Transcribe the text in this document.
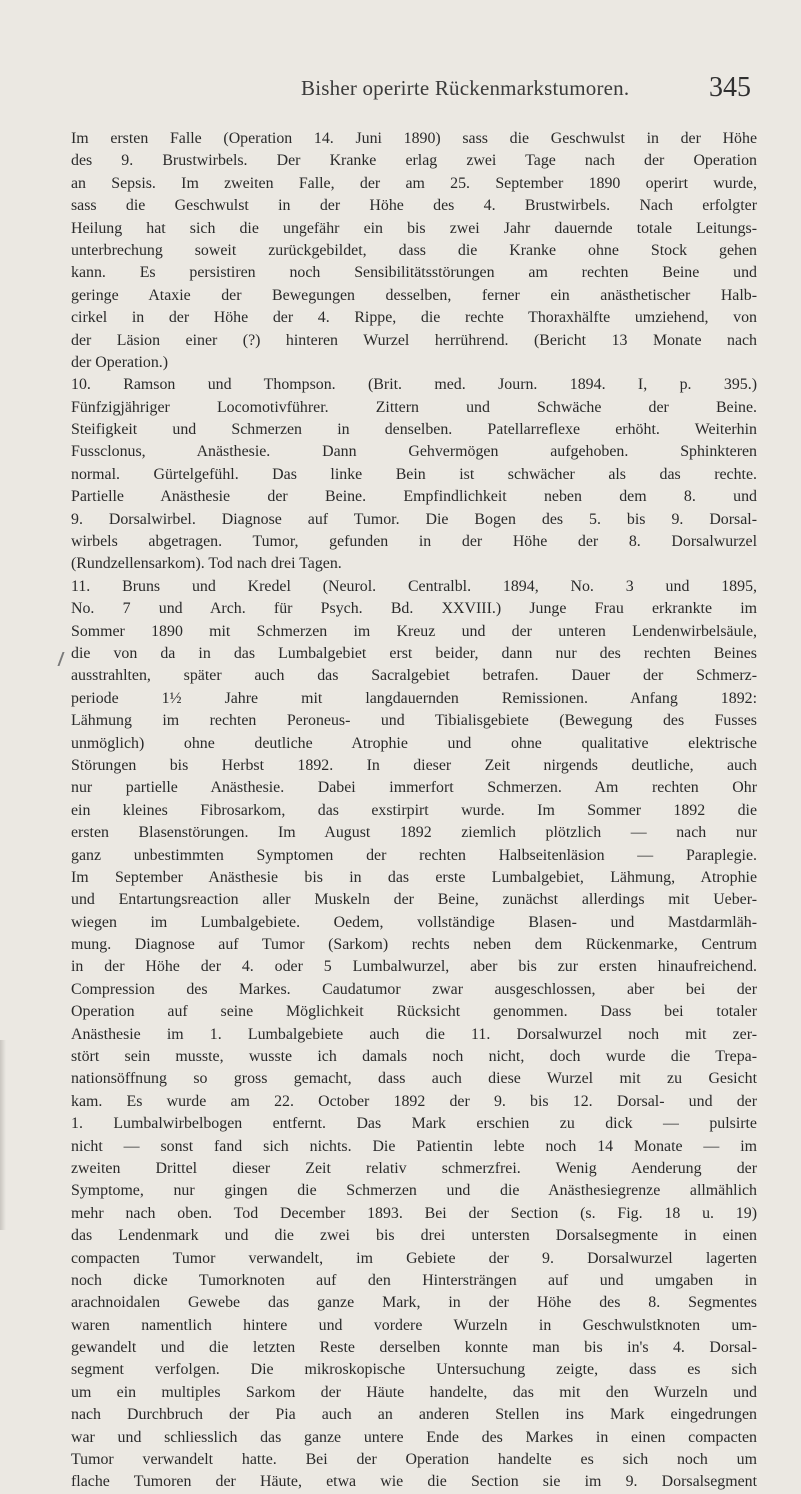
Bisher operirte Rückenmarkstumoren.	345
Im ersten Falle (Operation 14. Juni 1890) sass die Geschwulst in der Höhe
des 9. Brustwirbels. Der Kranke erlag zwei Tage nach der Operation
an Sepsis. Im zweiten Falle, der am 25. September 1890 operirt wurde,
sass die Geschwulst in der Höhe des 4. Brustwirbels. Nach erfolgter
Heilung hat sich die ungefähr ein bis zwei Jahr dauernde totale Leitungs-
unterbrechung soweit zurückgebildet, dass die Kranke ohne Stock gehen
kann. Es persistiren noch Sensibilitätsstörungen am rechten Beine und
geringe Ataxie der Bewegungen desselben, ferner ein anästhetischer Halb-
cirkel in der Höhe der 4. Rippe, die rechte Thoraxhälfte umziehend, von
der Läsion einer (?) hinteren Wurzel herrührend. (Bericht 13 Monate nach
der Operation.)
10. Ramson und Thompson. (Brit. med. Journ. 1894. I, p. 395.)
Fünfzigjähriger Locomotivführer. Zittern und Schwäche der Beine.
Steifigkeit und Schmerzen in denselben. Patellarreflexe erhöht. Weiterhin
Fussclonus, Anästhesie. Dann Gehvermögen aufgehoben. Sphinkteren
normal. Gürtelgefühl. Das linke Bein ist schwächer als das rechte.
Partielle Anästhesie der Beine. Empfindlichkeit neben dem 8. und
9. Dorsalwirbel. Diagnose auf Tumor. Die Bogen des 5. bis 9. Dorsal-
wirbels abgetragen. Tumor, gefunden in der Höhe der 8. Dorsalwurzel
(Rundzellensarkom). Tod nach drei Tagen.
11. Bruns und Kredel (Neurol. Centralbl. 1894, No. 3 und 1895,
No. 7 und Arch. für Psych. Bd. XXVIII.) Junge Frau erkrankte im
Sommer 1890 mit Schmerzen im Kreuz und der unteren Lendenwirbelsäule,
die von da in das Lumbalgebiet erst beider, dann nur des rechten Beines
ausstrahlten, später auch das Sacralgebiet betrafen. Dauer der Schmerz-
periode 1½ Jahre mit langdauernden Remissionen. Anfang 1892:
Lähmung im rechten Peroneus- und Tibialisgebiete (Bewegung des Fusses
unmöglich) ohne deutliche Atrophie und ohne qualitative elektrische
Störungen bis Herbst 1892. In dieser Zeit nirgends deutliche, auch
nur partielle Anästhesie. Dabei immerfort Schmerzen. Am rechten Ohr
ein kleines Fibrosarkom, das exstirpirt wurde. Im Sommer 1892 die
ersten Blasenstörungen. Im August 1892 ziemlich plötzlich — nach nur
ganz unbestimmten Symptomen der rechten Halbseitenläsion — Paraplegie.
Im September Anästhesie bis in das erste Lumbalgebiet, Lähmung, Atrophie
und Entartungsreaction aller Muskeln der Beine, zunächst allerdings mit Ueber-
wiegen im Lumbalgebiete. Oedem, vollständige Blasen- und Mastdarmläh-
mung. Diagnose auf Tumor (Sarkom) rechts neben dem Rückenmarke, Centrum
in der Höhe der 4. oder 5 Lumbalwurzel, aber bis zur ersten hinaufreichend.
Compression des Markes. Caudatumor zwar ausgeschlossen, aber bei der
Operation auf seine Möglichkeit Rücksicht genommen. Dass bei totaler
Anästhesie im 1. Lumbalgebiete auch die 11. Dorsalwurzel noch mit zer-
stört sein musste, wusste ich damals noch nicht, doch wurde die Trepa-
nationsöffnung so gross gemacht, dass auch diese Wurzel mit zu Gesicht
kam. Es wurde am 22. October 1892 der 9. bis 12. Dorsal- und der
1. Lumbalwirbelbogen entfernt. Das Mark erschien zu dick — pulsirte
nicht — sonst fand sich nichts. Die Patientin lebte noch 14 Monate — im
zweiten Drittel dieser Zeit relativ schmerzfrei. Wenig Aenderung der
Symptome, nur gingen die Schmerzen und die Anästhesiegrenze allmählich
mehr nach oben. Tod December 1893. Bei der Section (s. Fig. 18 u. 19)
das Lendenmark und die zwei bis drei untersten Dorsalsegmente in einen
compacten Tumor verwandelt, im Gebiete der 9. Dorsalwurzel lagerten
noch dicke Tumorknoten auf den Hintersträngen auf und umgaben in
arachnoidalen Gewebe das ganze Mark, in der Höhe des 8. Segmentes
waren namentlich hintere und vordere Wurzeln in Geschwulstknoten um-
gewandelt und die letzten Reste derselben konnte man bis in's 4. Dorsal-
segment verfolgen. Die mikroskopische Untersuchung zeigte, dass es sich
um ein multiples Sarkom der Häute handelte, das mit den Wurzeln und
nach Durchbruch der Pia auch an anderen Stellen ins Mark eingedrungen
war und schliesslich das ganze untere Ende des Markes in einen compacten
Tumor verwandelt hatte. Bei der Operation handelte es sich noch um
flache Tumoren der Häute, etwa wie die Section sie im 9. Dorsalsegment
